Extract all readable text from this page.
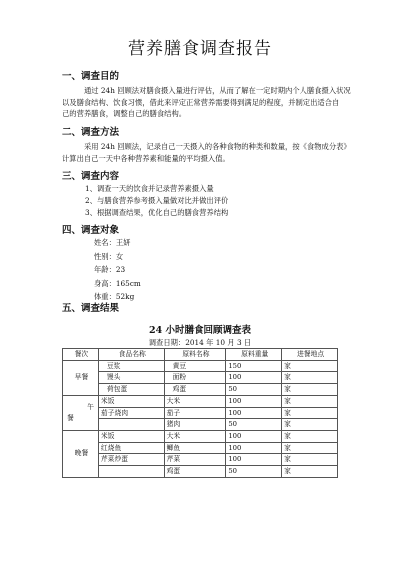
营养膳食调查报告
一、调查目的
通过 24h 回顾法对膳食摄入量进行评估，从而了解在一定时期内个人膳食摄入状况
以及膳食结构、饮食习惯，借此来评定正常营养需要得到满足的程度，并制定出适合自
己的营养膳食，调整自己的膳食结构。
二、调查方法
采用 24h 回顾法，记录自己一天摄入的各种食物的种类和数量，按《食物成分表》
计算出自己一天中各种营养素和能量的平均摄入值。
三、调查内容
1、调查一天的饮食并记录营养素摄入量
2、与膳食营养参考摄入量做对比并做出评价
3、根据调查结果，优化自己的膳食营养结构
四、调查对象
姓名：王妍
性别：女
年龄：23
身高：165cm
体重：52kg
五、调查结果
24 小时膳食回顾调查表
调查日期：2014 年 10 月 3 日
餐次	食品名称	原料名称	原料重量	进餐地点
早餐	豆浆	黄豆	150	家
	馒头	面粉	100	家
	荷包蛋	鸡蛋	50	家

午
餐	米饭	大米	100	家
	茄子烧肉	茄子	100	家
		猪肉	50	家
晚餐	米饭	大米	100	家
	红烧鱼	鲫鱼	100	家
	芹菜炒蛋	芹菜	100	家
		鸡蛋	50	家
